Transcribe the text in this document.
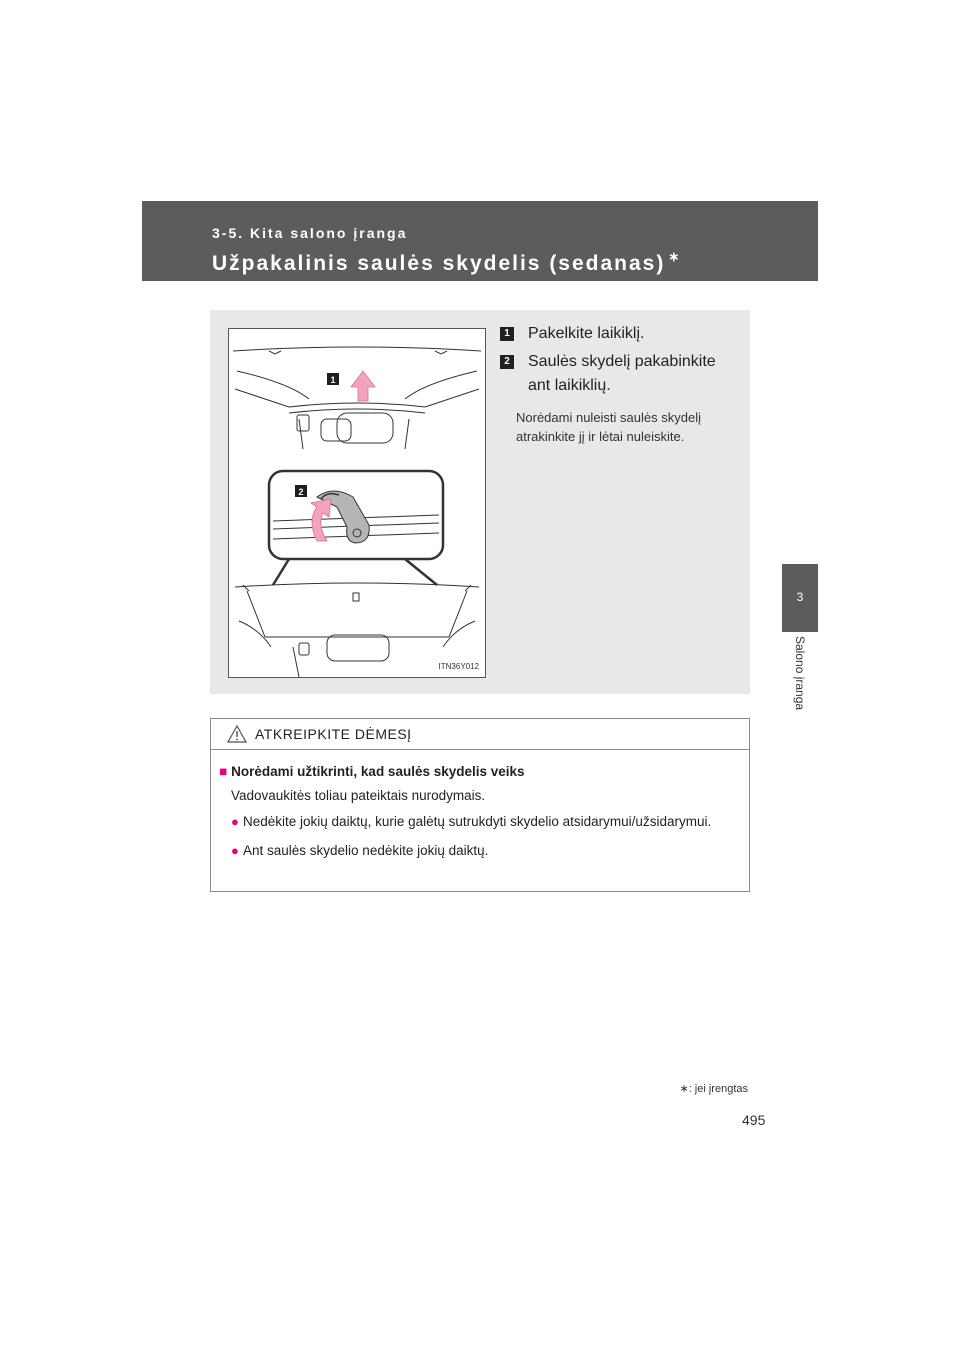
3-5. Kita salono įranga
Užpakalinis saulės skydelis (sedanas) ∗
3
Salono įranga
1
2
ITN36Y012
1 Pakelkite laikiklį.
2 Saulės skydelį pakabinkite ant laikiklių.
Norėdami nuleisti saulės skydelį atrakinkite jį ir lėtai nuleiskite.
ATKREIPKITE DĖMESĮ
■ Norėdami užtikrinti, kad saulės skydelis veiks
Vadovaukitės toliau pateiktais nurodymais.
● Nedėkite jokių daiktų, kurie galėtų sutrukdyti skydelio atsidarymui/užsidarymui.
● Ant saulės skydelio nedėkite jokių daiktų.
∗: jei įrengtas
495
